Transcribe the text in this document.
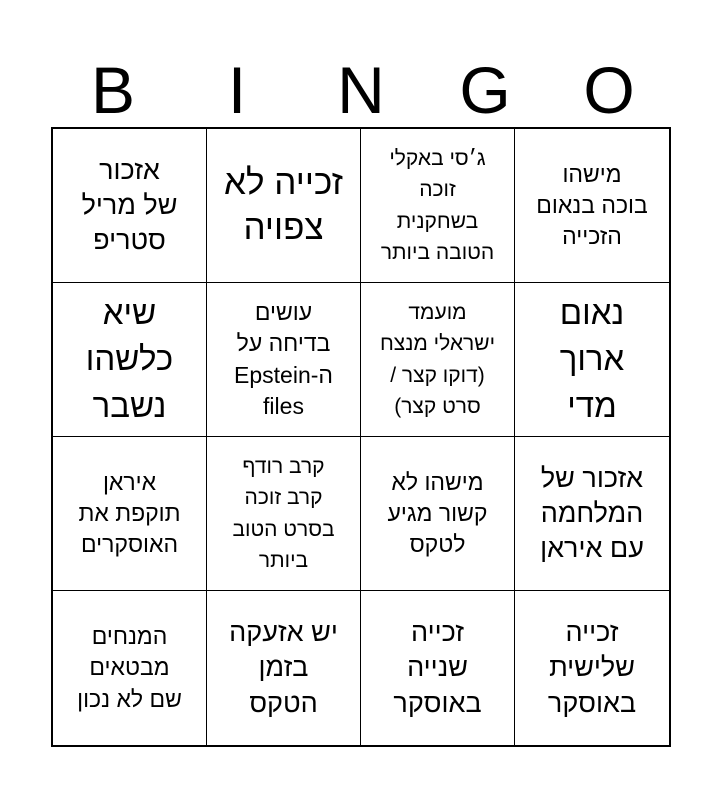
B	I	N	G	O
אזכור
של מריל
סטריפ
זכייה לא
צפויה
ג׳סי באקלי
זוכה
בשחקנית
הטובה ביותר
מישהו
בוכה בנאום
הזכייה
שיא
כלשהו
נשבר
עושים
בדיחה על
ה-Epstein
files
מועמד
ישראלי מנצח
(דוקו קצר /
סרט קצר)
נאום
ארוך
מדי
איראן
תוקפת את
האוסקרים
קרב רודף
קרב זוכה
בסרט הטוב
ביותר
מישהו לא
קשור מגיע
לטקס
אזכור של
המלחמה
עם איראן
המנחים
מבטאים
שם לא נכון
יש אזעקה
בזמן
הטקס
זכייה
שנייה
באוסקר
זכייה
שלישית
באוסקר
